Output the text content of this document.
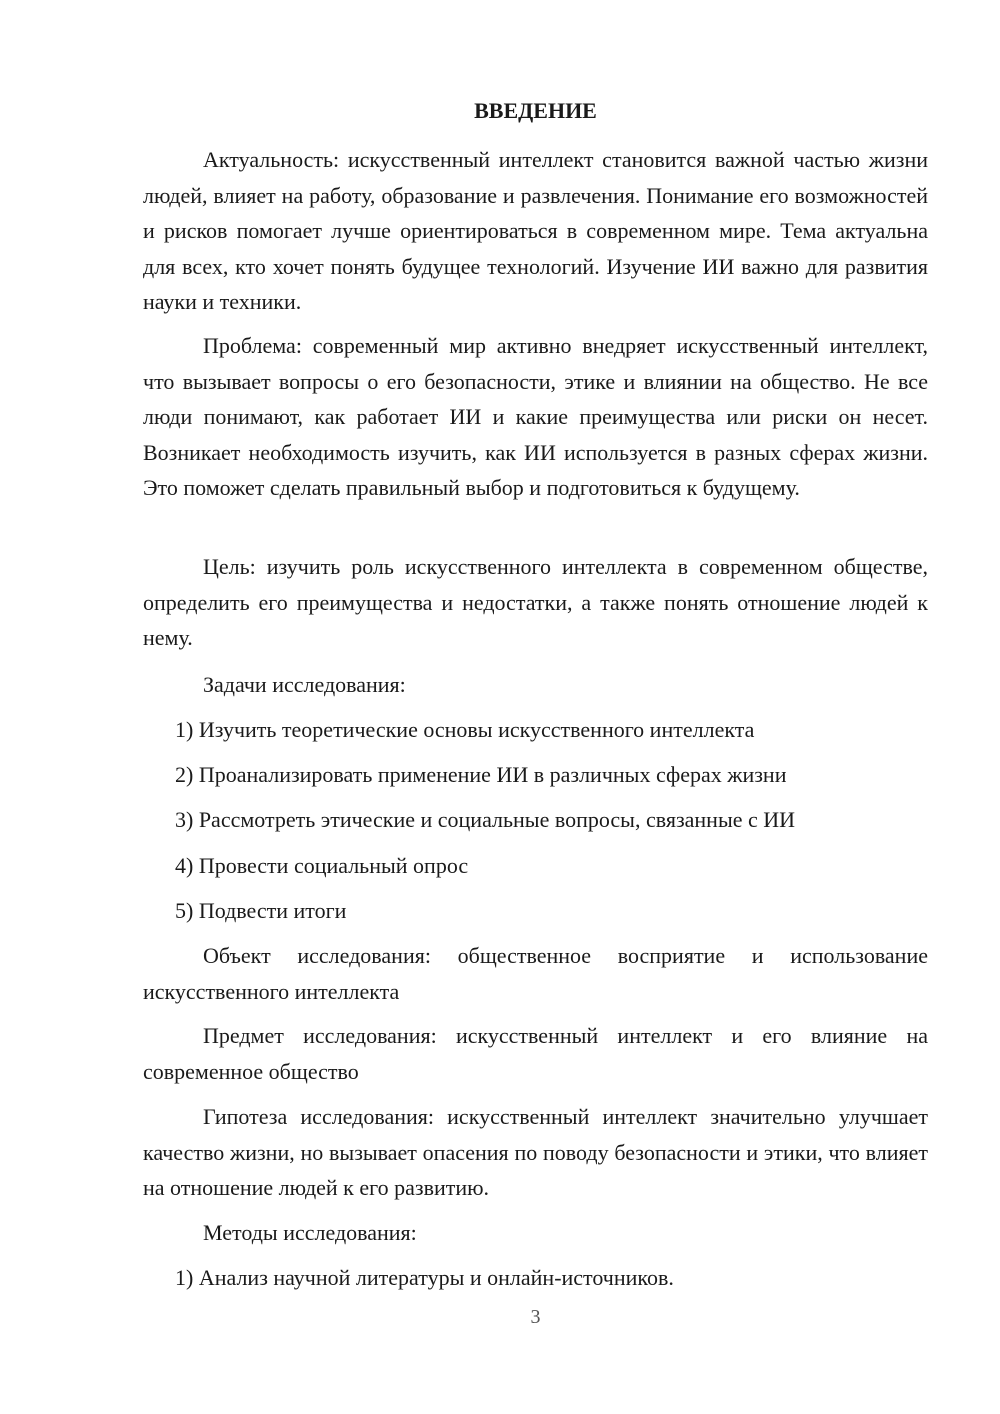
ВВЕДЕНИЕ
Актуальность: искусственный интеллект становится важной частью жизни людей, влияет на работу, образование и развлечения. Понимание его возможностей и рисков помогает лучше ориентироваться в современном мире. Тема актуальна для всех, кто хочет понять будущее технологий. Изучение ИИ важно для развития науки и техники.
Проблема: современный мир активно внедряет искусственный интеллект, что вызывает вопросы о его безопасности, этике и влиянии на общество. Не все люди понимают, как работает ИИ и какие преимущества или риски он несет. Возникает необходимость изучить, как ИИ используется в разных сферах жизни. Это поможет сделать правильный выбор и подготовиться к будущему.
Цель: изучить роль искусственного интеллекта в современном обществе, определить его преимущества и недостатки, а также понять отношение людей к нему.
Задачи исследования:
1) Изучить теоретические основы искусственного интеллекта
2) Проанализировать применение ИИ в различных сферах жизни
3) Рассмотреть этические и социальные вопросы, связанные с ИИ
4) Провести социальный опрос
5) Подвести итоги
Объект исследования: общественное восприятие и использование искусственного интеллекта
Предмет исследования: искусственный интеллект и его влияние на современное общество
Гипотеза исследования: искусственный интеллект значительно улучшает качество жизни, но вызывает опасения по поводу безопасности и этики, что влияет на отношение людей к его развитию.
Методы исследования:
1) Анализ научной литературы и онлайн-источников.
3
